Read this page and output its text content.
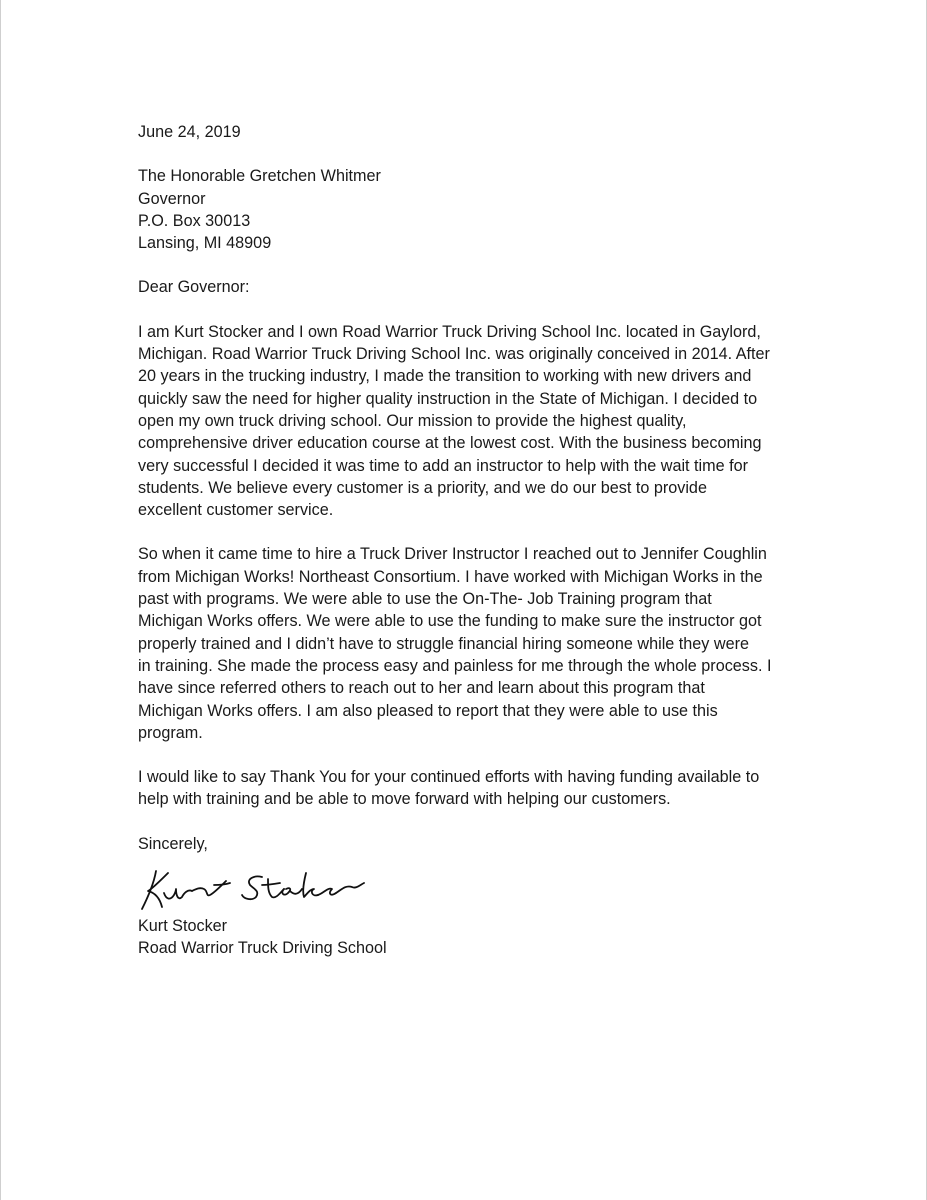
June 24, 2019

The Honorable Gretchen Whitmer
Governor
P.O. Box 30013
Lansing, MI 48909

Dear Governor:

I am Kurt Stocker and I own Road Warrior Truck Driving School Inc. located in Gaylord,
Michigan. Road Warrior Truck Driving School Inc. was originally conceived in 2014. After
20 years in the trucking industry, I made the transition to working with new drivers and
quickly saw the need for higher quality instruction in the State of Michigan. I decided to
open my own truck driving school. Our mission to provide the highest quality,
comprehensive driver education course at the lowest cost. With the business becoming
very successful I decided it was time to add an instructor to help with the wait time for
students. We believe every customer is a priority, and we do our best to provide
excellent customer service.

So when it came time to hire a Truck Driver Instructor I reached out to Jennifer Coughlin
from Michigan Works! Northeast Consortium. I have worked with Michigan Works in the
past with programs. We were able to use the On-The- Job Training program that
Michigan Works offers. We were able to use the funding to make sure the instructor got
properly trained and I didn’t have to struggle financial hiring someone while they were
in training. She made the process easy and painless for me through the whole process. I
have since referred others to reach out to her and learn about this program that
Michigan Works offers. I am also pleased to report that they were able to use this
program.

I would like to say Thank You for your continued efforts with having funding available to
help with training and be able to move forward with helping our customers.

Sincerely,

Kurt Stocker
Road Warrior Truck Driving School
